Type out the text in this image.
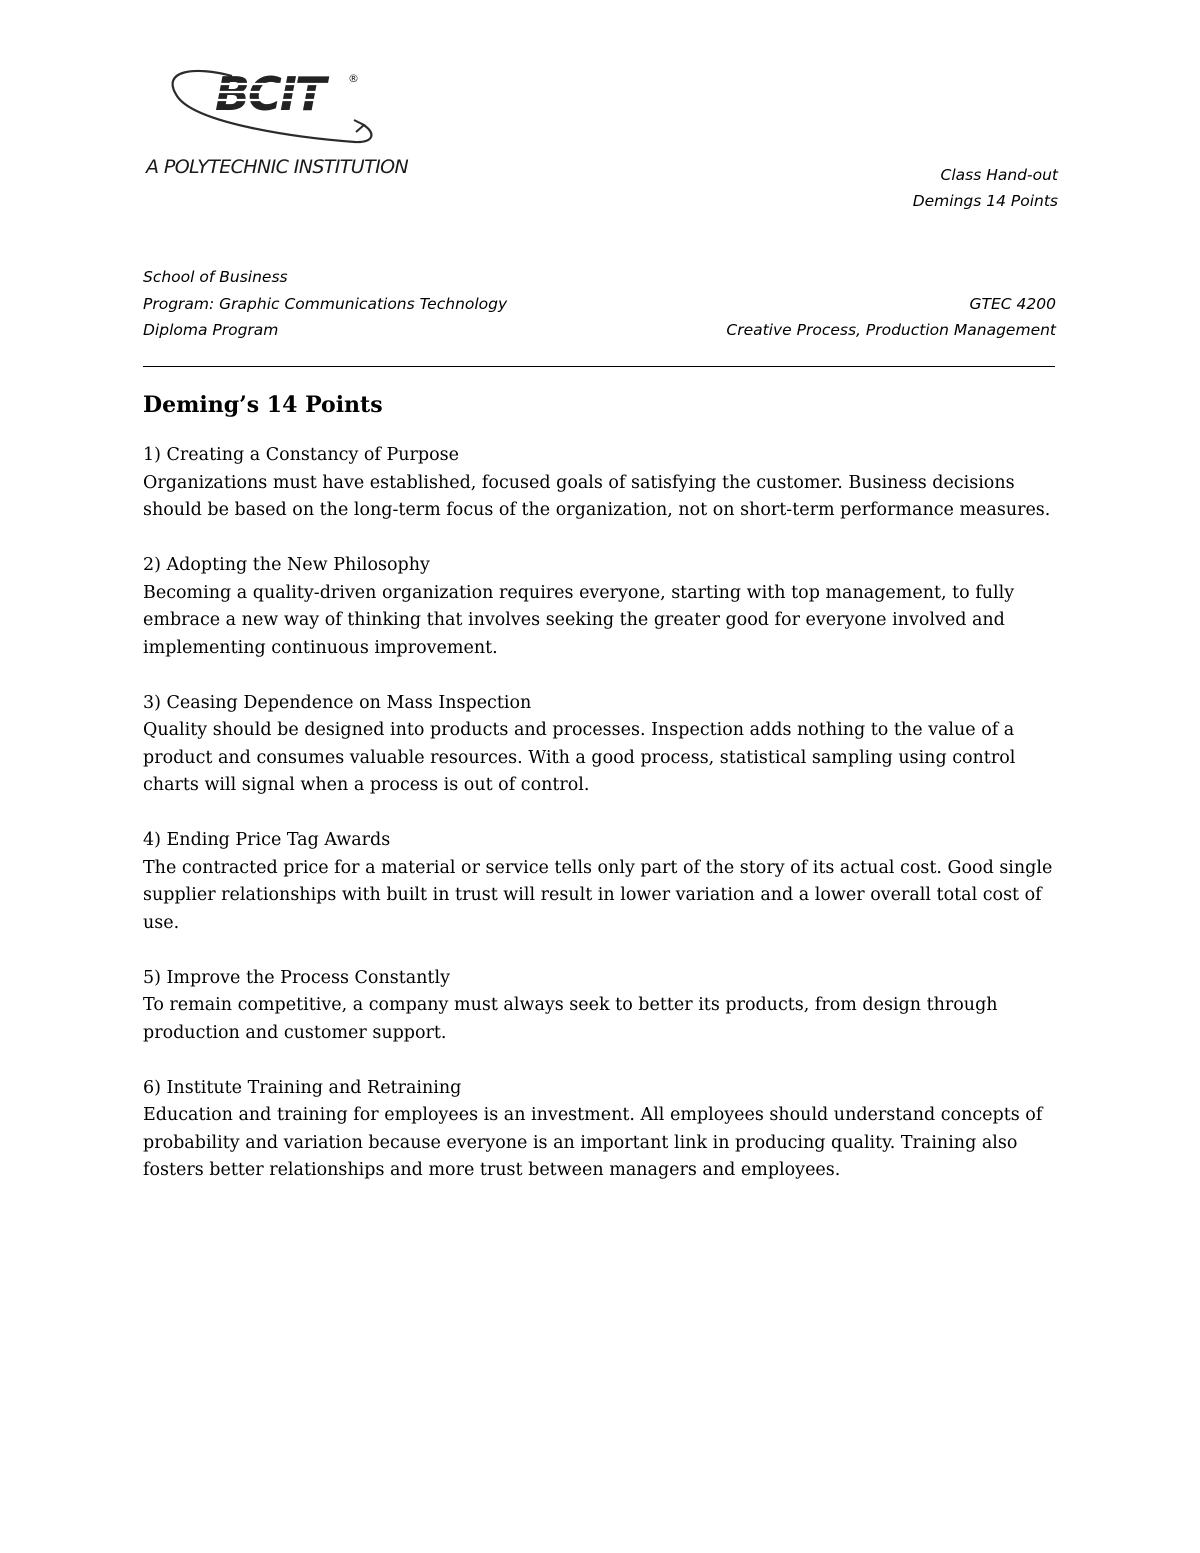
BCIT	®
A POLYTECHNIC INSTITUTION	Class Hand-out
Demings 14 Points
School of Business
Program: Graphic Communications Technology	GTEC 4200
Diploma Program	Creative Process, Production Management
Deming’s 14 Points
1) Creating a Constancy of Purpose
Organizations must have established, focused goals of satisfying the customer. Business decisions should be based on the long-term focus of the organization, not on short-term performance measures.
2) Adopting the New Philosophy
Becoming a quality-driven organization requires everyone, starting with top management, to fully embrace a new way of thinking that involves seeking the greater good for everyone involved and implementing continuous improvement.
3) Ceasing Dependence on Mass Inspection
Quality should be designed into products and processes. Inspection adds nothing to the value of a product and consumes valuable resources. With a good process, statistical sampling using control charts will signal when a process is out of control.
4) Ending Price Tag Awards
The contracted price for a material or service tells only part of the story of its actual cost. Good single supplier relationships with built in trust will result in lower variation and a lower overall total cost of use.
5) Improve the Process Constantly
To remain competitive, a company must always seek to better its products, from design through production and customer support.
6) Institute Training and Retraining
Education and training for employees is an investment. All employees should understand concepts of probability and variation because everyone is an important link in producing quality. Training also fosters better relationships and more trust between managers and employees.
